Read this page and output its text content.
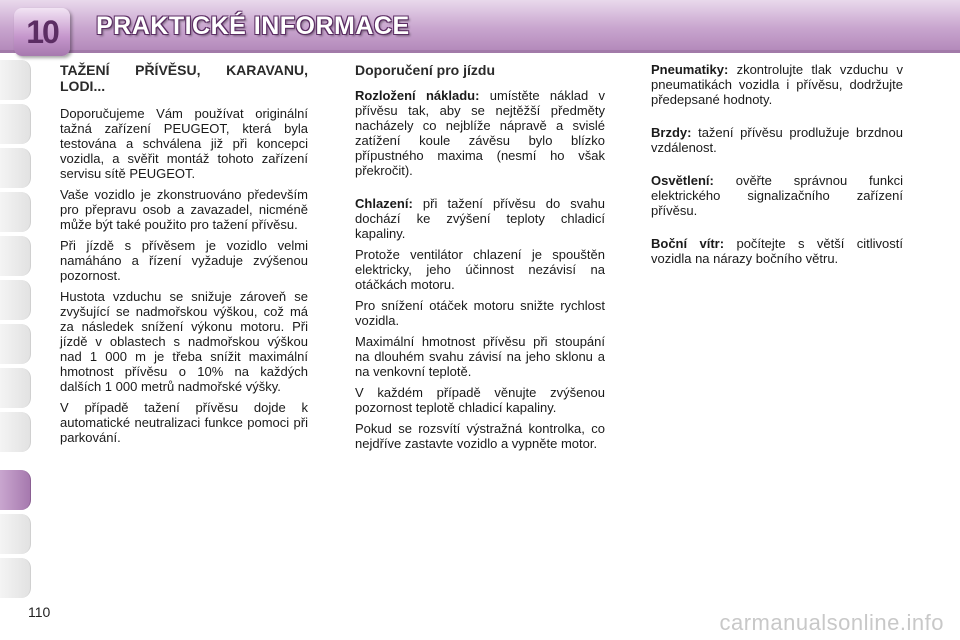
10	PRAKTICKÉ INFORMACE
TAŽENÍ PŘÍVĚSU, KARAVANU, LODI...

Doporučujeme Vám používat originální tažná zařízení PEUGEOT, která byla testována a schválena již při koncepci vozidla, a svěřit montáž tohoto zařízení servisu sítě PEUGEOT.

Vaše vozidlo je zkonstruováno především pro přepravu osob a zavazadel, nicméně může být také použito pro tažení přívěsu.

Při jízdě s přívěsem je vozidlo velmi namáháno a řízení vyžaduje zvýšenou pozornost.

Hustota vzduchu se snižuje zároveň se zvyšující se nadmořskou výškou, což má za následek snížení výkonu motoru. Při jízdě v oblastech s nadmořskou výškou nad 1 000 m je třeba snížit maximální hmotnost přívěsu o 10% na každých dalších 1 000 metrů nadmořské výšky.

V případě tažení přívěsu dojde k automatické neutralizaci funkce pomoci při parkování.

Doporučení pro jízdu

Rozložení nákladu: umístěte náklad v přívěsu tak, aby se nejtěžší předměty nacházely co nejblíže nápravě a svislé zatížení koule závěsu bylo blízko přípustného maxima (nesmí ho však překročit).

Chlazení: při tažení přívěsu do svahu dochází ke zvýšení teploty chladicí kapaliny.

Protože ventilátor chlazení je spouštěn elektricky, jeho účinnost nezávisí na otáčkách motoru.

Pro snížení otáček motoru snižte rychlost vozidla.

Maximální hmotnost přívěsu při stoupání na dlouhém svahu závisí na jeho sklonu a na venkovní teplotě.

V každém případě věnujte zvýšenou pozornost teplotě chladicí kapaliny.

Pokud se rozsvítí výstražná kontrolka, co nejdříve zastavte vozidlo a vypněte motor.

Pneumatiky: zkontrolujte tlak vzduchu v pneumatikách vozidla i přívěsu, dodržujte předepsané hodnoty.

Brzdy: tažení přívěsu prodlužuje brzdnou vzdálenost.

Osvětlení: ověřte správnou funkci elektrického signalizačního zařízení přívěsu.

Boční vítr: počítejte s větší citlivostí vozidla na nárazy bočního větru.

110	carmanualsonline.info
